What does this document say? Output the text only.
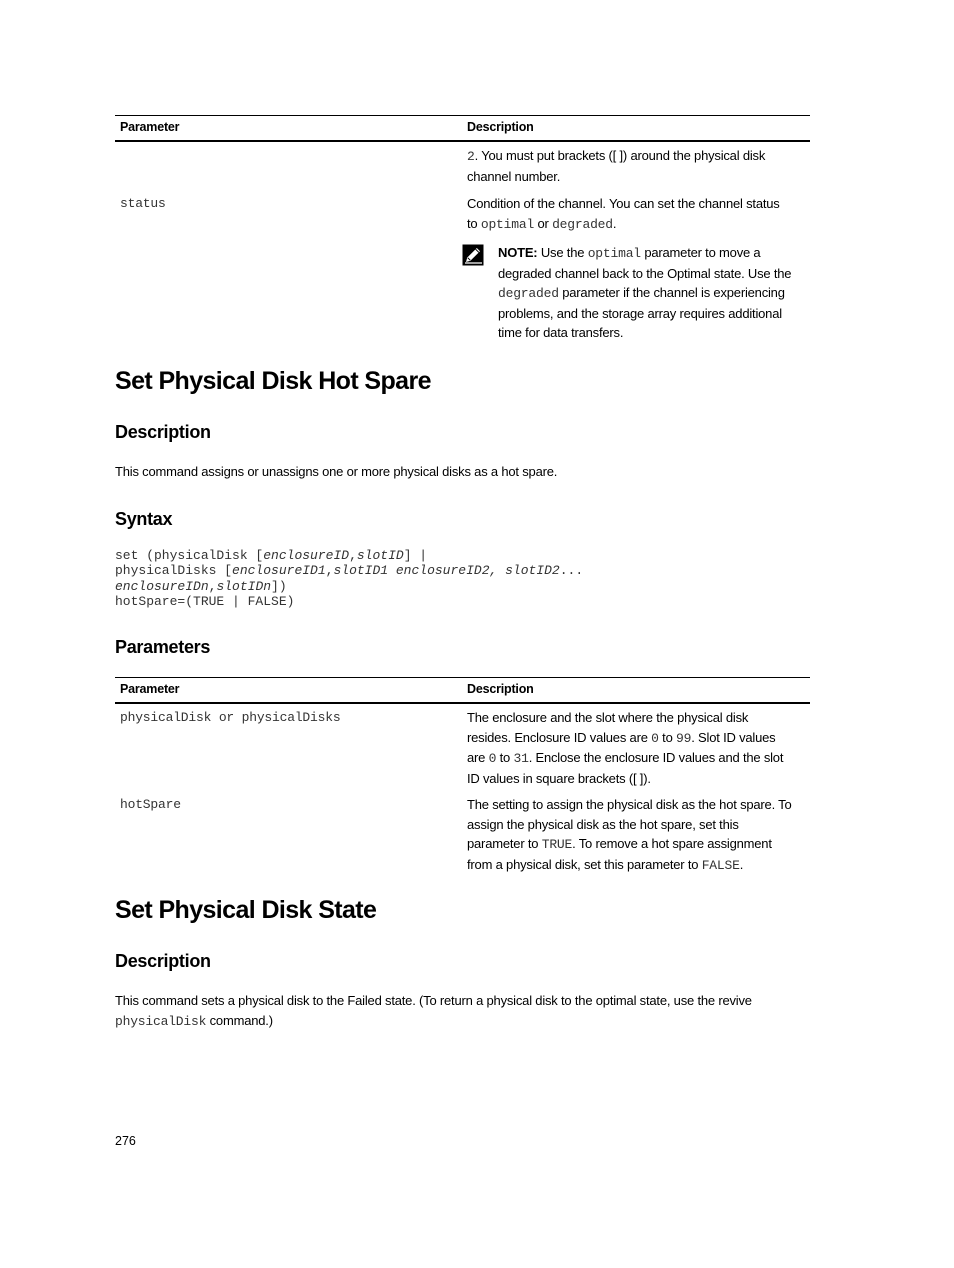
Parameter	Description
2. You must put brackets ([ ]) around the physical disk
channel number.
status	Condition of the channel. You can set the channel status
to optimal or degraded.
NOTE: Use the optimal parameter to move a
degraded channel back to the Optimal state. Use the
degraded parameter if the channel is experiencing
problems, and the storage array requires additional
time for data transfers.
Set Physical Disk Hot Spare
Description
This command assigns or unassigns one or more physical disks as a hot spare.
Syntax
set (physicalDisk [enclosureID,slotID] |
physicalDisks [enclosureID1,slotID1 enclosureID2, slotID2...
enclosureIDn,slotIDn])
hotSpare=(TRUE | FALSE)
Parameters
Parameter	Description
physicalDisk or physicalDisks	The enclosure and the slot where the physical disk
resides. Enclosure ID values are 0 to 99. Slot ID values
are 0 to 31. Enclose the enclosure ID values and the slot
ID values in square brackets ([ ]).
hotSpare	The setting to assign the physical disk as the hot spare. To
assign the physical disk as the hot spare, set this
parameter to TRUE. To remove a hot spare assignment
from a physical disk, set this parameter to FALSE.
Set Physical Disk State
Description
This command sets a physical disk to the Failed state. (To return a physical disk to the optimal state, use the revive
physicalDisk command.)
276
